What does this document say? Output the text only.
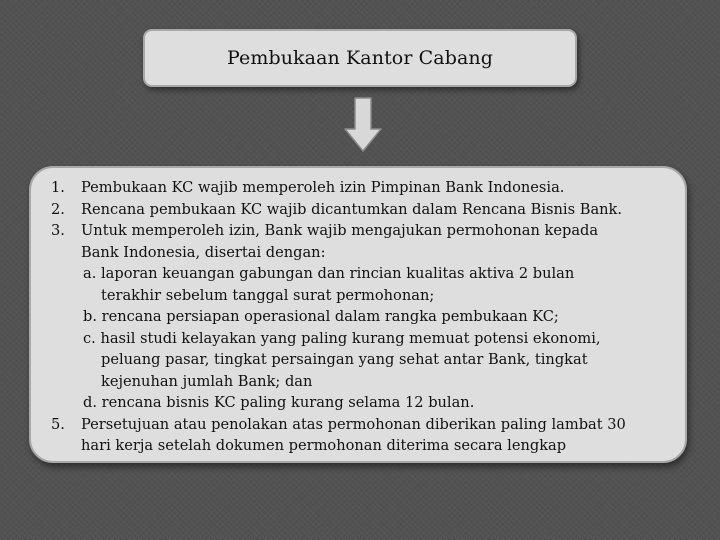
Pembukaan Kantor Cabang
1.	Pembukaan KC wajib memperoleh izin Pimpinan Bank Indonesia.
2.	Rencana pembukaan KC wajib dicantumkan dalam Rencana Bisnis Bank.
3.	Untuk memperoleh izin, Bank wajib mengajukan permohonan kepada
Bank Indonesia, disertai dengan:
a. laporan keuangan gabungan dan rincian kualitas aktiva 2 bulan
terakhir sebelum tanggal surat permohonan;
b. rencana persiapan operasional dalam rangka pembukaan KC;
c. hasil studi kelayakan yang paling kurang memuat potensi ekonomi,
peluang pasar, tingkat persaingan yang sehat antar Bank, tingkat
kejenuhan jumlah Bank; dan
d. rencana bisnis KC paling kurang selama 12 bulan.
5.	Persetujuan atau penolakan atas permohonan diberikan paling lambat 30
hari kerja setelah dokumen permohonan diterima secara lengkap
